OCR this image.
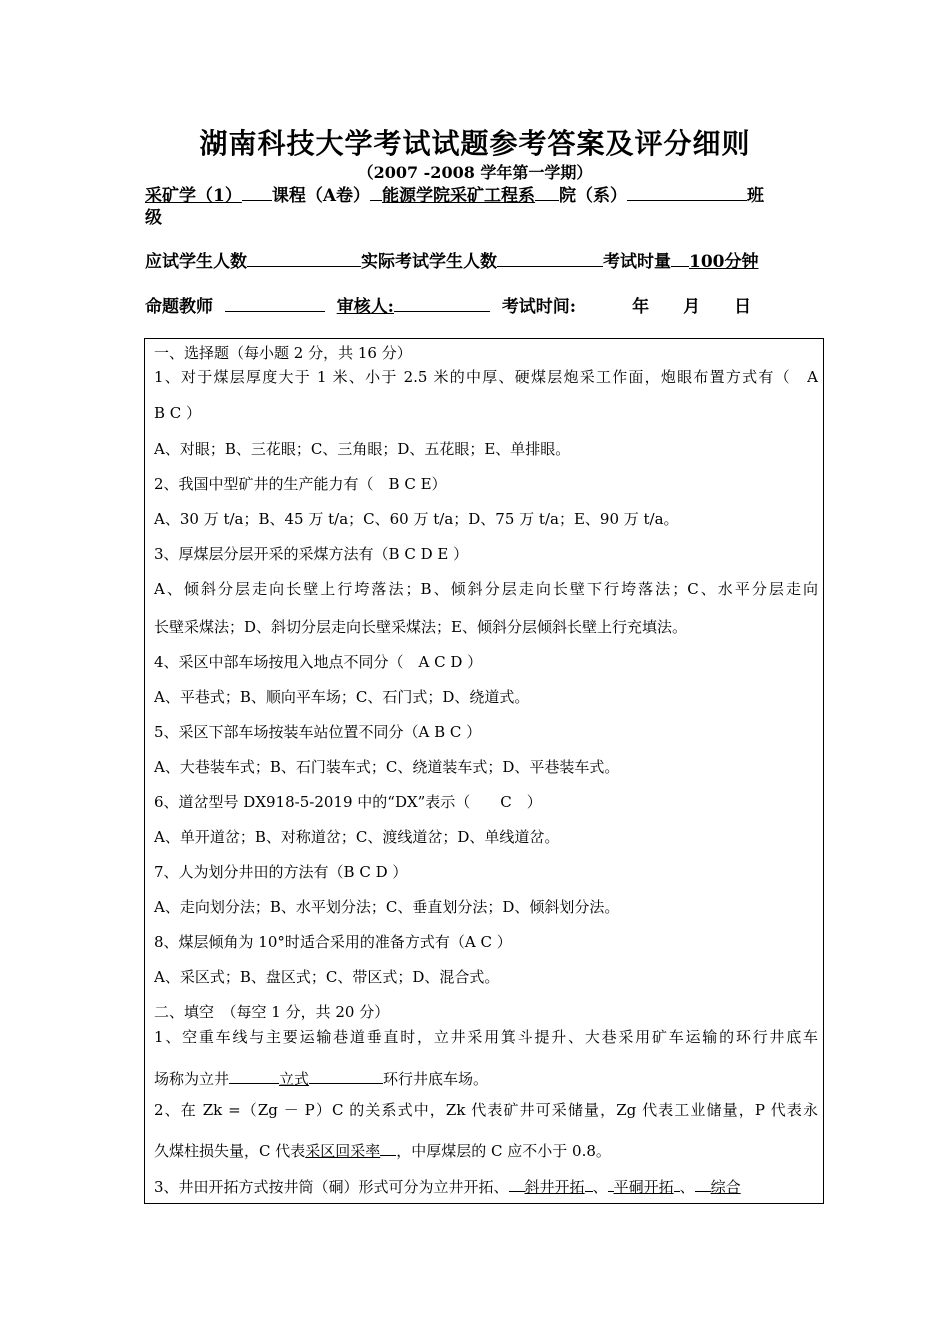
湖南科技大学考试试题参考答案及评分细则
（2007 -2008 学年第一学期）
采矿学（1） 课程（A卷） 能源学院采矿工程系 院（系）	班
级
应试学生人数	实际考试学生人数	考试时量 100分钟
命题教师	审核人:	考试时间:	年 月 日
一、选择题（每小题 2 分，共 16 分）
1、对于煤层厚度大于 1 米、小于 2.5 米的中厚、硬煤层炮采工作面，炮眼布置方式有（　A
B C ）
A、对眼；B、三花眼；C、三角眼；D、五花眼；E、单排眼。
2、我国中型矿井的生产能力有（　B C E）
A、30 万 t/a；B、45 万 t/a；C、60 万 t/a；D、75 万 t/a；E、90 万 t/a。
3、厚煤层分层开采的采煤方法有（B C D E ）
A、倾斜分层走向长壁上行垮落法；B、倾斜分层走向长壁下行垮落法；C、水平分层走向
长壁采煤法；D、斜切分层走向长壁采煤法；E、倾斜分层倾斜长壁上行充填法。
4、采区中部车场按甩入地点不同分（　A C D ）
A、平巷式；B、顺向平车场；C、石门式；D、绕道式。
5、采区下部车场按装车站位置不同分（A B C ）
A、大巷装车式；B、石门装车式；C、绕道装车式；D、平巷装车式。
6、道岔型号 DX918-5-2019 中的“DX”表示（　　C　）
A、单开道岔；B、对称道岔；C、渡线道岔；D、单线道岔。
7、人为划分井田的方法有（B C D ）
A、走向划分法；B、水平划分法；C、垂直划分法；D、倾斜划分法。
8、煤层倾角为 10°时适合采用的准备方式有（A C ）
A、采区式；B、盘区式；C、带区式；D、混合式。
二、填空　（每空 1 分，共 20 分）
1、空重车线与主要运输巷道垂直时，立井采用箕斗提升、大巷采用矿车运输的环行井底车
场称为立井	立式	环行井底车场。
2、在 Zk =（Zg － P）C 的关系式中，Zk 代表矿井可采储量，Zg 代表工业储量，P 代表永
久煤柱损失量，C 代表采区回采率 ，中厚煤层的 C 应不小于 0.8。
3、井田开拓方式按井筒（硐）形式可分为立井开拓、 斜井开拓 、 平硐开拓 、 综合
